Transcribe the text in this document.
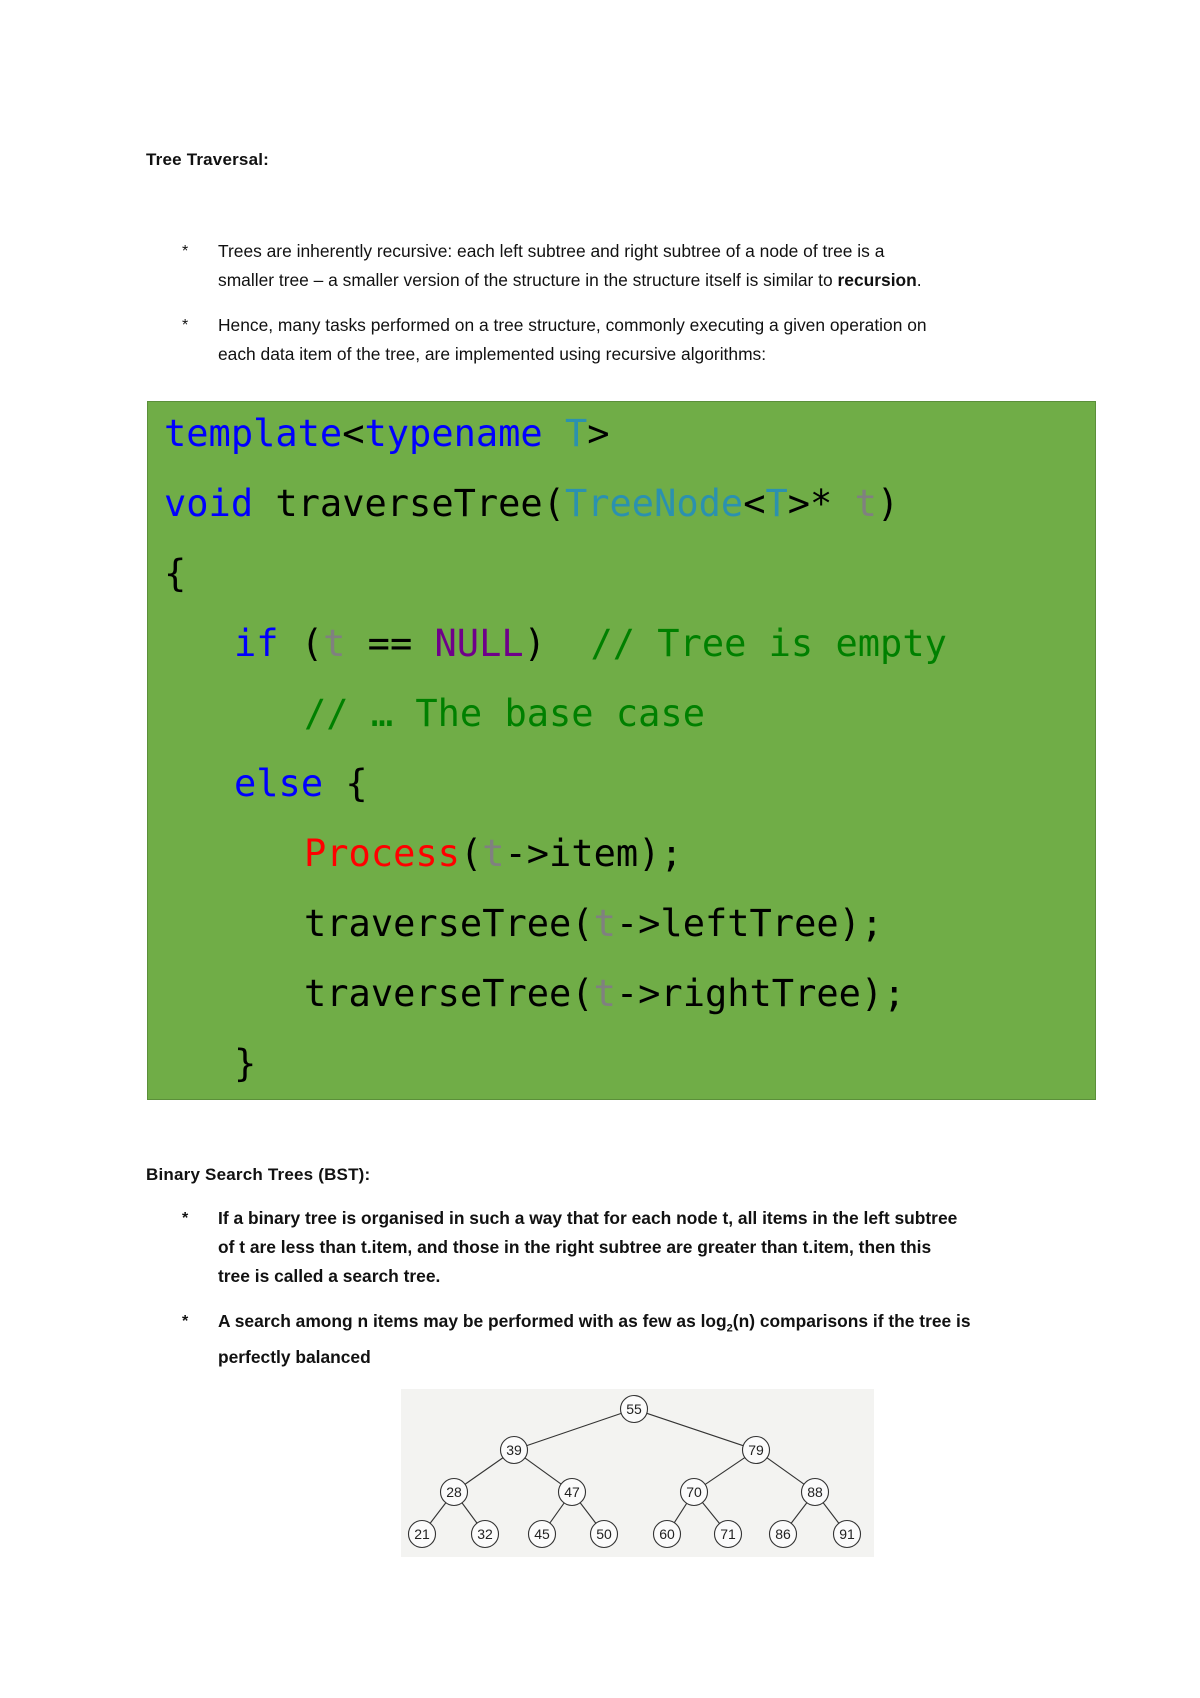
Tree Traversal:
* Trees are inherently recursive: each left subtree and right subtree of a node of tree is a
smaller tree – a smaller version of the structure in the structure itself is similar to recursion.
* Hence, many tasks performed on a tree structure, commonly executing a given operation on
each data item of the tree, are implemented using recursive algorithms:
template<typename T>
void traverseTree(TreeNode<T>* t)
{
if (t == NULL)  // Tree is empty
// … The base case
else {
Process(t->item);
traverseTree(t->leftTree);
traverseTree(t->rightTree);
}
Binary Search Trees (BST):
* If a binary tree is organised in such a way that for each node t, all items in the left subtree
of t are less than t.item, and those in the right subtree are greater than t.item, then this
tree is called a search tree.
* A search among n items may be performed with as few as $\log_2(n)$ comparisons if the tree is
perfectly balanced
55
39	79
28	47	70	88
21	32	45	50	60	71	86	91
